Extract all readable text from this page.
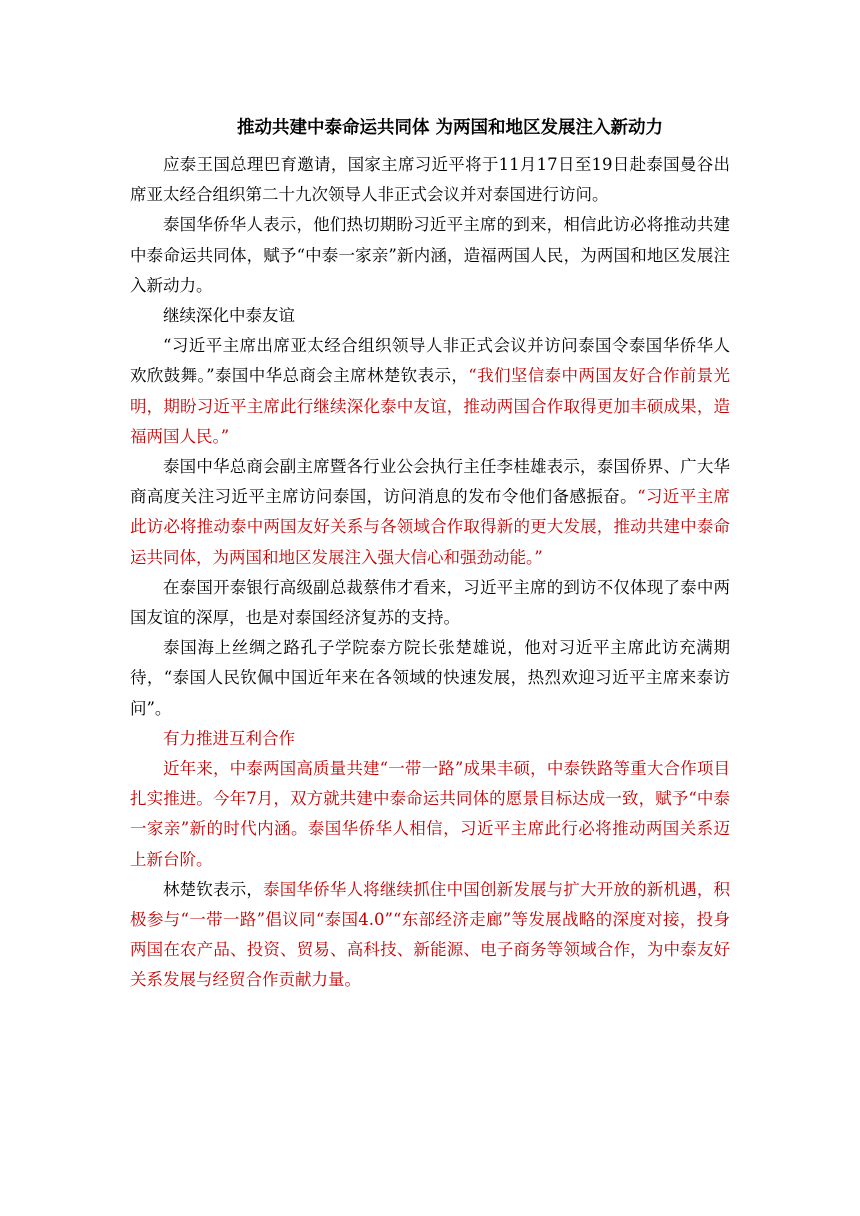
推动共建中泰命运共同体 为两国和地区发展注入新动力

应泰王国总理巴育邀请，国家主席习近平将于11月17日至19日赴泰国曼谷出席亚太经合组织第二十九次领导人非正式会议并对泰国进行访问。

泰国华侨华人表示，他们热切期盼习近平主席的到来，相信此访必将推动共建中泰命运共同体，赋予“中泰一家亲”新内涵，造福两国人民，为两国和地区发展注入新动力。

继续深化中泰友谊

“习近平主席出席亚太经合组织领导人非正式会议并访问泰国令泰国华侨华人欢欣鼓舞。”泰国中华总商会主席林楚钦表示，“我们坚信泰中两国友好合作前景光明，期盼习近平主席此行继续深化泰中友谊，推动两国合作取得更加丰硕成果，造福两国人民。”

泰国中华总商会副主席暨各行业公会执行主任李桂雄表示，泰国侨界、广大华商高度关注习近平主席访问泰国，访问消息的发布令他们备感振奋。“习近平主席此访必将推动泰中两国友好关系与各领域合作取得新的更大发展，推动共建中泰命运共同体，为两国和地区发展注入强大信心和强劲动能。”

在泰国开泰银行高级副总裁蔡伟才看来，习近平主席的到访不仅体现了泰中两国友谊的深厚，也是对泰国经济复苏的支持。

泰国海上丝绸之路孔子学院泰方院长张楚雄说，他对习近平主席此访充满期待，“泰国人民钦佩中国近年来在各领域的快速发展，热烈欢迎习近平主席来泰访问”。

有力推进互利合作

近年来，中泰两国高质量共建“一带一路”成果丰硕，中泰铁路等重大合作项目扎实推进。今年7月，双方就共建中泰命运共同体的愿景目标达成一致，赋予“中泰一家亲”新的时代内涵。泰国华侨华人相信，习近平主席此行必将推动两国关系迈上新台阶。

林楚钦表示，泰国华侨华人将继续抓住中国创新发展与扩大开放的新机遇，积极参与“一带一路”倡议同“泰国4.0”“东部经济走廊”等发展战略的深度对接，投身两国在农产品、投资、贸易、高科技、新能源、电子商务等领域合作，为中泰友好关系发展与经贸合作贡献力量。
